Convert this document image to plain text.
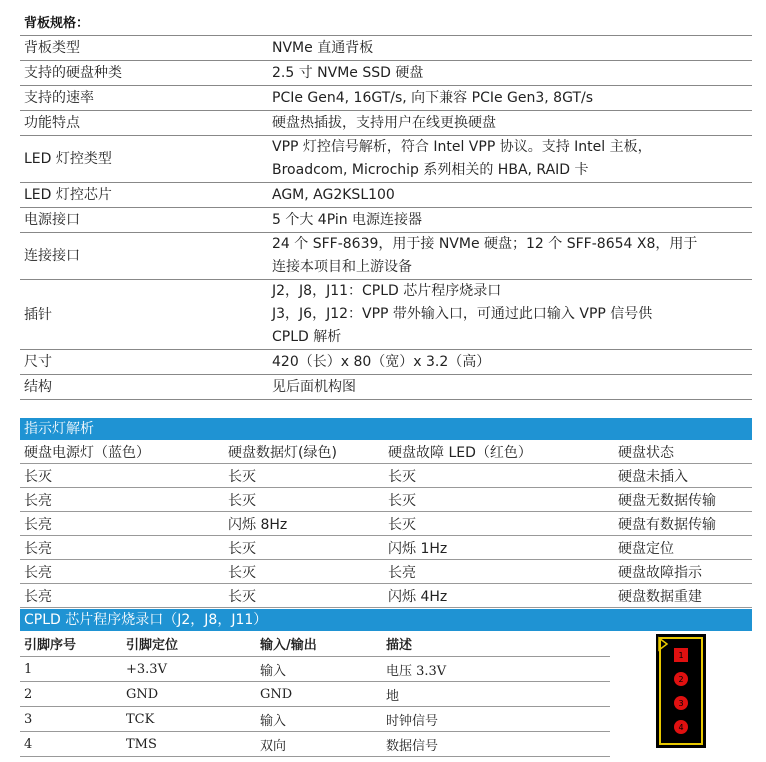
背板规格：
背板类型	NVMe 直通背板
支持的硬盘种类	2.5 寸 NVMe SSD 硬盘
支持的速率	PCIe Gen4, 16GT/s, 向下兼容 PCIe Gen3, 8GT/s
功能特点	硬盘热插拔，支持用户在线更换硬盘
LED 灯控类型	VPP 灯控信号解析，符合 Intel VPP 协议。支持 Intel 主板，
Broadcom, Microchip 系列相关的 HBA, RAID 卡

LED 灯控芯片	AGM, AG2KSL100
电源接口	5 个大 4Pin 电源连接器
连接接口	24 个 SFF-8639，用于接 NVMe 硬盘；12 个 SFF-8654 X8，用于
连接本项目和上游设备

插针	J2，J8，J11：CPLD 芯片程序烧录口
J3，J6，J12：VPP 带外输入口，可通过此口输入 VPP 信号供
CPLD 解析

尺寸	420（长）x 80（宽）x 3.2（高）
结构	见后面机构图
指示灯解析
硬盘电源灯（蓝色）	硬盘数据灯(绿色)	硬盘故障 LED（红色）	硬盘状态
长灭	长灭	长灭	硬盘未插入
长亮	长灭	长灭	硬盘无数据传输
长亮	闪烁 8Hz	长灭	硬盘有数据传输
长亮	长灭	闪烁 1Hz	硬盘定位
长亮	长灭	长亮	硬盘故障指示
长亮	长灭	闪烁 4Hz	硬盘数据重建
CPLD 芯片程序烧录口（J2，J8，J11）
引脚序号	引脚定位	输入/输出	描述
1	+3.3V	输入	电压 3.3V
2	GND	GND	地
3	TCK	输入	时钟信号
4	TMS	双向	数据信号
1
2
3
4
